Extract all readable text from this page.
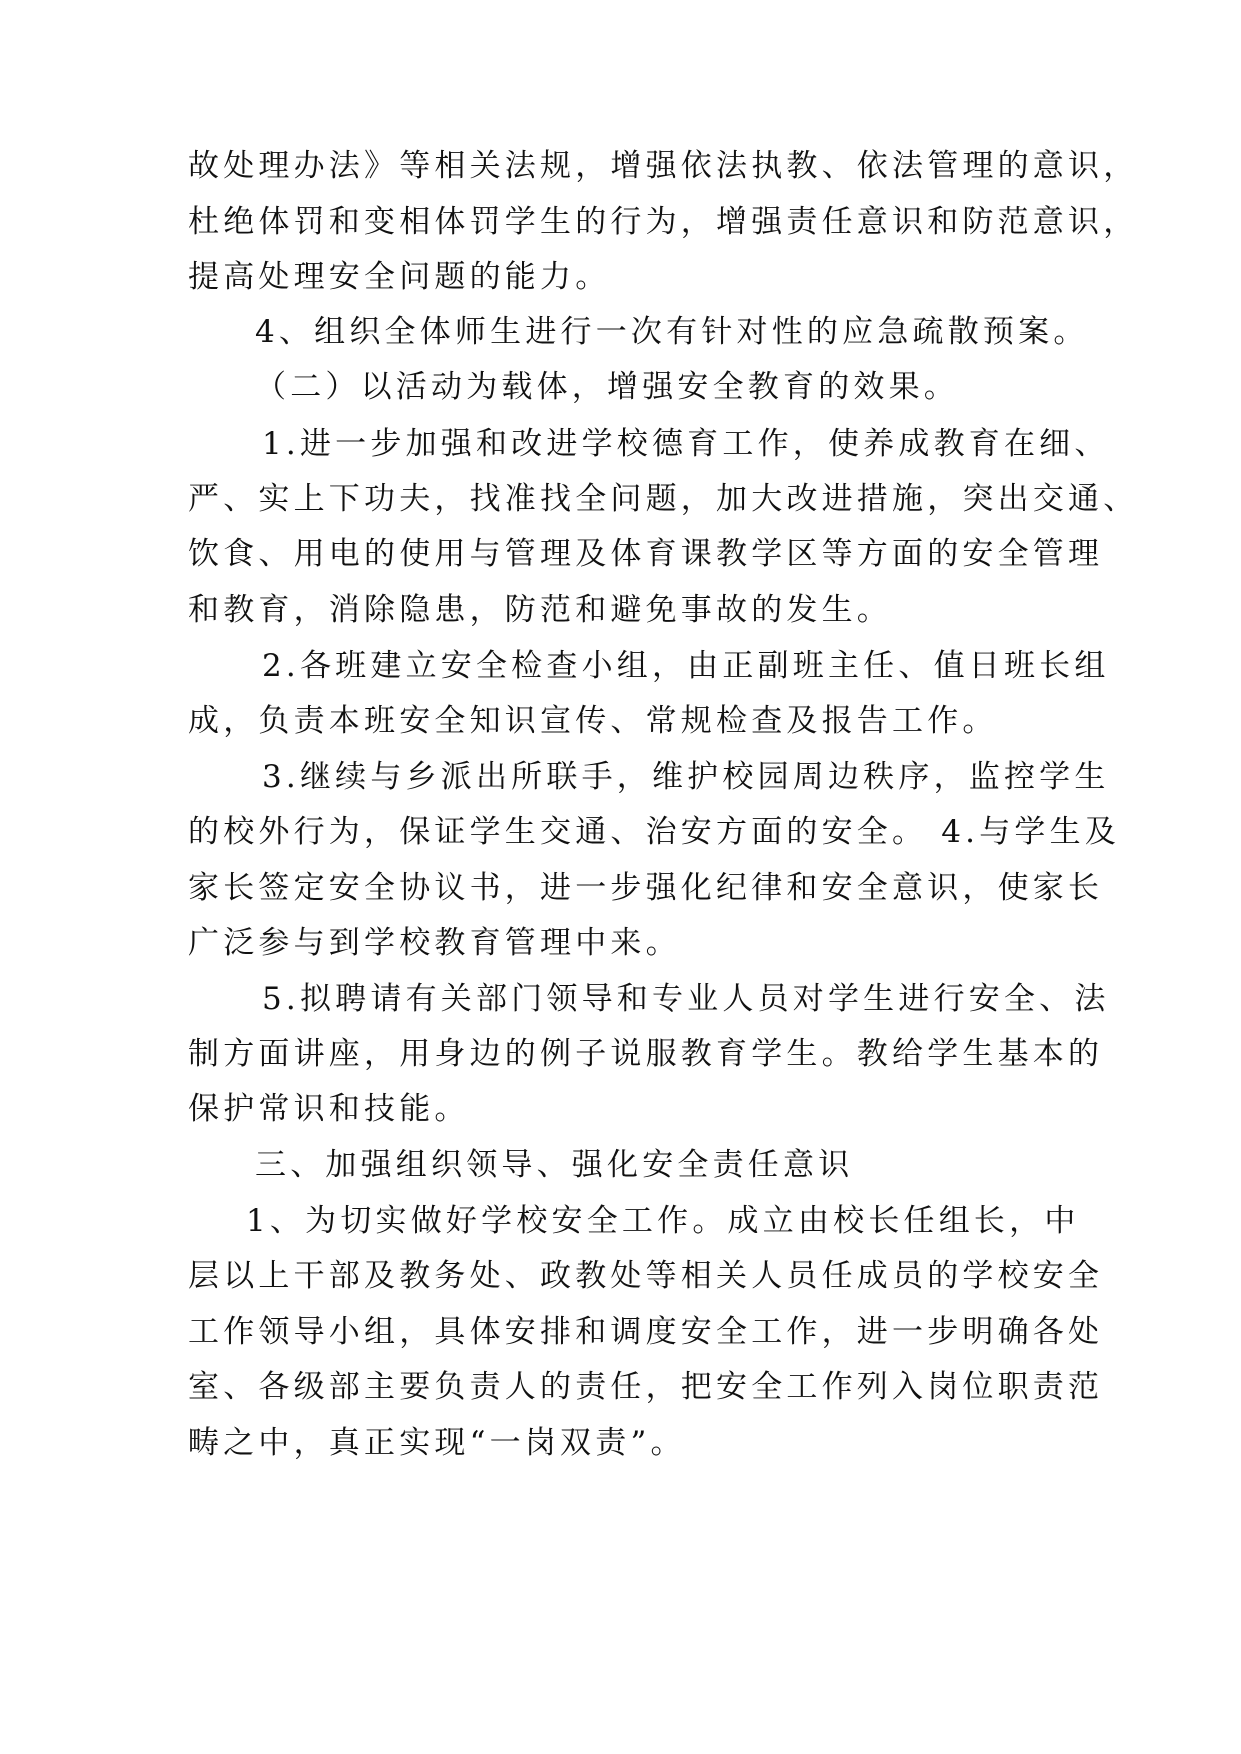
故处理办法》等相关法规，增强依法执教、依法管理的意识，
杜绝体罚和变相体罚学生的行为，增强责任意识和防范意识，
提高处理安全问题的能力。
4、组织全体师生进行一次有针对性的应急疏散预案。
（二）以活动为载体，增强安全教育的效果。
1.进一步加强和改进学校德育工作，使养成教育在细、
严、实上下功夫，找准找全问题，加大改进措施，突出交通、
饮食、用电的使用与管理及体育课教学区等方面的安全管理
和教育，消除隐患，防范和避免事故的发生。
2.各班建立安全检查小组，由正副班主任、值日班长组
成，负责本班安全知识宣传、常规检查及报告工作。
3.继续与乡派出所联手，维护校园周边秩序，监控学生
的校外行为，保证学生交通、治安方面的安全。 4.与学生及
家长签定安全协议书，进一步强化纪律和安全意识，使家长
广泛参与到学校教育管理中来。
5.拟聘请有关部门领导和专业人员对学生进行安全、法
制方面讲座，用身边的例子说服教育学生。教给学生基本的
保护常识和技能。
三、加强组织领导、强化安全责任意识
1、为切实做好学校安全工作。成立由校长任组长，中
层以上干部及教务处、政教处等相关人员任成员的学校安全
工作领导小组，具体安排和调度安全工作，进一步明确各处
室、各级部主要负责人的责任，把安全工作列入岗位职责范
畴之中，真正实现“一岗双责”。
